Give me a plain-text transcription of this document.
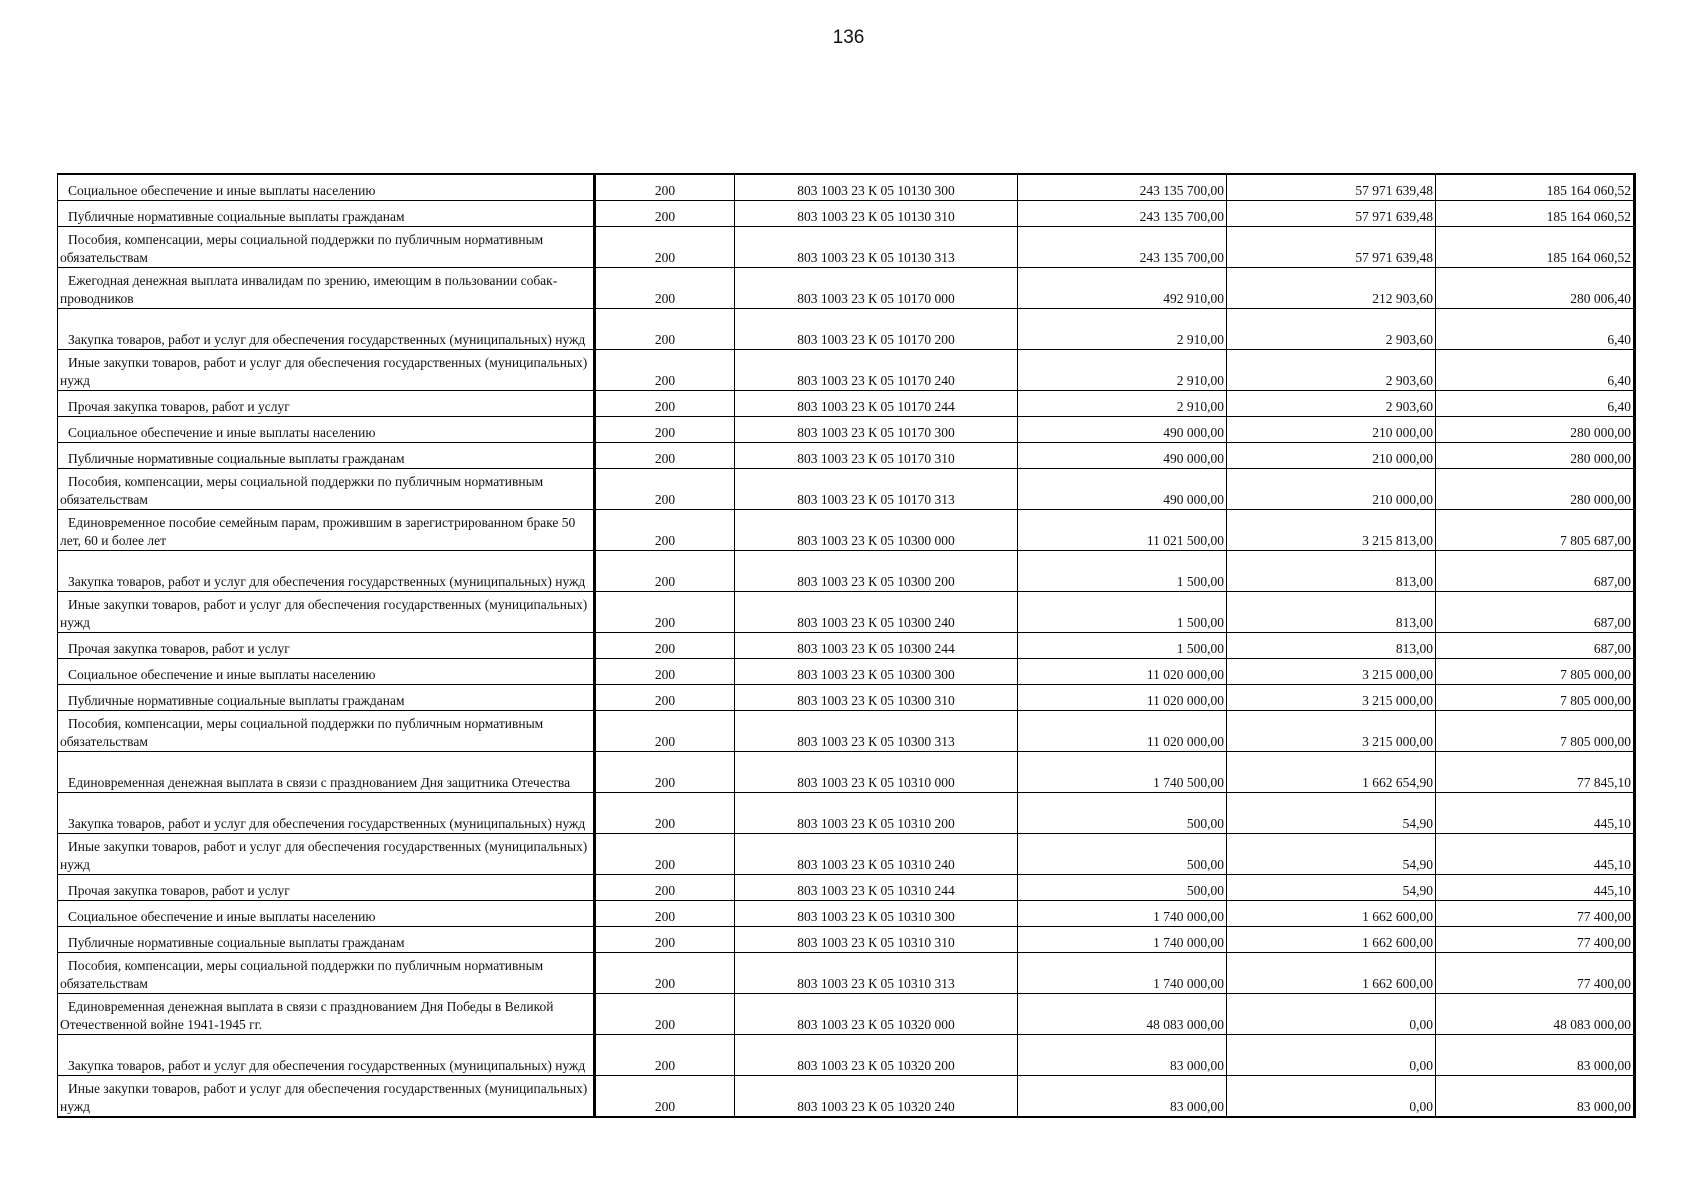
136
Социальное обеспечение и иные выплаты населению	200	803 1003 23 К 05 10130 300	243 135 700,00	57 971 639,48	185 164 060,52
Публичные нормативные социальные выплаты гражданам	200	803 1003 23 К 05 10130 310	243 135 700,00	57 971 639,48	185 164 060,52
Пособия, компенсации, меры социальной поддержки по публичным нормативным обязательствам	200	803 1003 23 К 05 10130 313	243 135 700,00	57 971 639,48	185 164 060,52
Ежегодная денежная выплата инвалидам по зрению, имеющим в пользовании собак-проводников	200	803 1003 23 К 05 10170 000	492 910,00	212 903,60	280 006,40
Закупка товаров, работ и услуг для обеспечения государственных (муниципальных) нужд	200	803 1003 23 К 05 10170 200	2 910,00	2 903,60	6,40
Иные закупки товаров, работ и услуг для обеспечения государственных (муниципальных) нужд	200	803 1003 23 К 05 10170 240	2 910,00	2 903,60	6,40
Прочая закупка товаров, работ и услуг	200	803 1003 23 К 05 10170 244	2 910,00	2 903,60	6,40
Социальное обеспечение и иные выплаты населению	200	803 1003 23 К 05 10170 300	490 000,00	210 000,00	280 000,00
Публичные нормативные социальные выплаты гражданам	200	803 1003 23 К 05 10170 310	490 000,00	210 000,00	280 000,00
Пособия, компенсации, меры социальной поддержки по публичным нормативным обязательствам	200	803 1003 23 К 05 10170 313	490 000,00	210 000,00	280 000,00
Единовременное пособие семейным парам, прожившим в зарегистрированном браке 50 лет, 60 и более лет	200	803 1003 23 К 05 10300 000	11 021 500,00	3 215 813,00	7 805 687,00
Закупка товаров, работ и услуг для обеспечения государственных (муниципальных) нужд	200	803 1003 23 К 05 10300 200	1 500,00	813,00	687,00
Иные закупки товаров, работ и услуг для обеспечения государственных (муниципальных) нужд	200	803 1003 23 К 05 10300 240	1 500,00	813,00	687,00
Прочая закупка товаров, работ и услуг	200	803 1003 23 К 05 10300 244	1 500,00	813,00	687,00
Социальное обеспечение и иные выплаты населению	200	803 1003 23 К 05 10300 300	11 020 000,00	3 215 000,00	7 805 000,00
Публичные нормативные социальные выплаты гражданам	200	803 1003 23 К 05 10300 310	11 020 000,00	3 215 000,00	7 805 000,00
Пособия, компенсации, меры социальной поддержки по публичным нормативным обязательствам	200	803 1003 23 К 05 10300 313	11 020 000,00	3 215 000,00	7 805 000,00
Единовременная денежная выплата в связи с празднованием Дня защитника Отечества	200	803 1003 23 К 05 10310 000	1 740 500,00	1 662 654,90	77 845,10
Закупка товаров, работ и услуг для обеспечения государственных (муниципальных) нужд	200	803 1003 23 К 05 10310 200	500,00	54,90	445,10
Иные закупки товаров, работ и услуг для обеспечения государственных (муниципальных) нужд	200	803 1003 23 К 05 10310 240	500,00	54,90	445,10
Прочая закупка товаров, работ и услуг	200	803 1003 23 К 05 10310 244	500,00	54,90	445,10
Социальное обеспечение и иные выплаты населению	200	803 1003 23 К 05 10310 300	1 740 000,00	1 662 600,00	77 400,00
Публичные нормативные социальные выплаты гражданам	200	803 1003 23 К 05 10310 310	1 740 000,00	1 662 600,00	77 400,00
Пособия, компенсации, меры социальной поддержки по публичным нормативным обязательствам	200	803 1003 23 К 05 10310 313	1 740 000,00	1 662 600,00	77 400,00
Единовременная денежная выплата в связи с празднованием Дня Победы в Великой Отечественной войне 1941-1945 гг.	200	803 1003 23 К 05 10320 000	48 083 000,00	0,00	48 083 000,00
Закупка товаров, работ и услуг для обеспечения государственных (муниципальных) нужд	200	803 1003 23 К 05 10320 200	83 000,00	0,00	83 000,00
Иные закупки товаров, работ и услуг для обеспечения государственных (муниципальных) нужд	200	803 1003 23 К 05 10320 240	83 000,00	0,00	83 000,00
